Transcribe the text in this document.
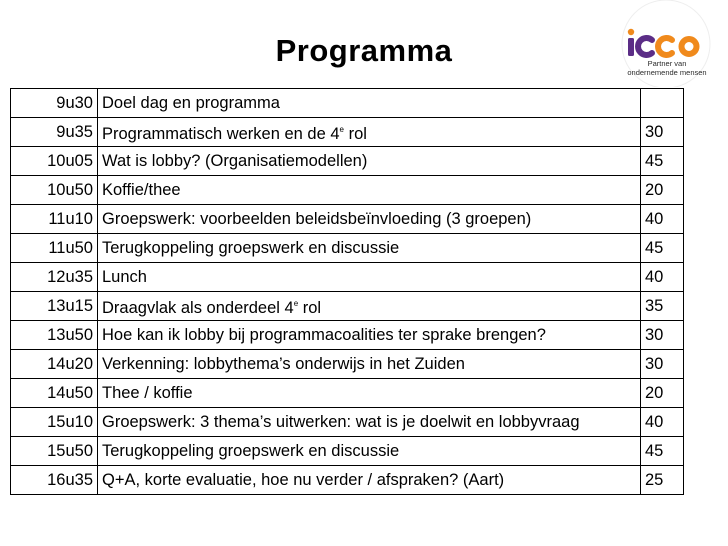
Programma	Partner van
ondernemende mensen
9u30	Doel dag en programma	
9u35	Programmatisch werken en de 4e rol	30
10u05	Wat is lobby? (Organisatiemodellen)	45
10u50	Koffie/thee	20
11u10	Groepswerk: voorbeelden beleidsbeïnvloeding (3 groepen)	40
11u50	Terugkoppeling groepswerk en discussie	45
12u35	Lunch	40
13u15	Draagvlak als onderdeel 4e rol	35
13u50	Hoe kan ik lobby bij programmacoalities ter sprake brengen?	30
14u20	Verkenning: lobbythema’s onderwijs in het Zuiden	30
14u50	Thee / koffie	20
15u10	Groepswerk: 3 thema’s uitwerken: wat is je doelwit en lobbyvraag	40
15u50	Terugkoppeling groepswerk en discussie	45
16u35	Q+A, korte evaluatie, hoe nu verder / afspraken? (Aart)	25
